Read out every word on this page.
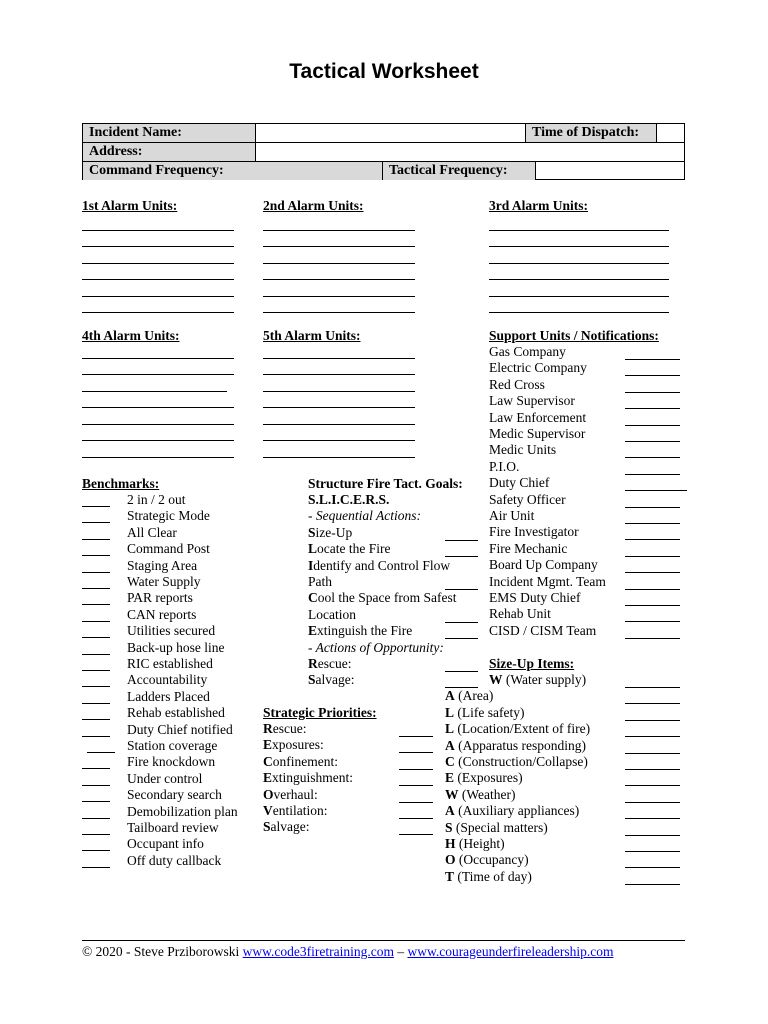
Tactical Worksheet
Incident Name:	Time of Dispatch:
Address:
Command Frequency:	Tactical Frequency:
1st Alarm Units:	2nd Alarm Units:	3rd Alarm Units:
4th Alarm Units:	5th Alarm Units:	Support Units / Notifications:
Gas Company
Electric Company
Red Cross
Law Supervisor
Law Enforcement
Medic Supervisor
Medic Units
P.I.O.
Duty Chief
Safety Officer
Air Unit
Fire Investigator
Fire Mechanic
Board Up Company
Incident Mgmt. Team
EMS Duty Chief
Rehab Unit
CISD / CISM Team
Benchmarks:
2 in / 2 out
Strategic Mode
All Clear
Command Post
Staging Area
Water Supply
PAR reports
CAN reports
Utilities secured
Back-up hose line
RIC established
Accountability
Ladders Placed
Rehab established
Duty Chief notified
Station coverage
Fire knockdown
Under control
Secondary search
Demobilization plan
Tailboard review
Occupant info
Off duty callback
Structure Fire Tact. Goals:
S.L.I.C.E.R.S.
- Sequential Actions:
- Actions of Opportunity:
Size-Up
Locate the Fire
Identify and Control Flow
Path
Cool the Space from Safest
Location
Extinguish the Fire
Rescue:
Salvage:
Strategic Priorities:
Rescue:
Exposures:
Confinement:
Extinguishment:
Overhaul:
Ventilation:
Salvage:
Size-Up Items:
W (Water supply)
A (Area)
L (Life safety)
L (Location/Extent of fire)
A (Apparatus responding)
C (Construction/Collapse)
E (Exposures)
W (Weather)
A (Auxiliary appliances)
S (Special matters)
H (Height)
O (Occupancy)
T (Time of day)
© 2020 - Steve Prziborowski www.code3firetraining.com – www.courageunderfireleadership.com
